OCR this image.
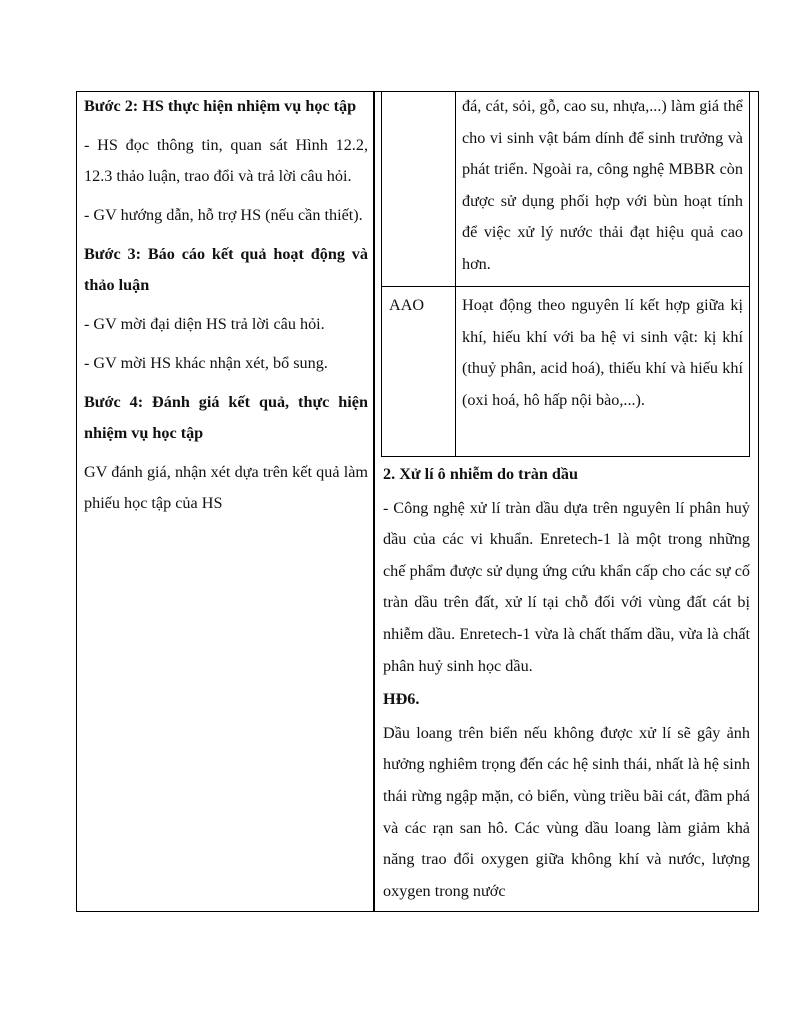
Bước 2: HS thực hiện nhiệm vụ học tập

- HS đọc thông tin, quan sát Hình 12.2, 12.3 thảo luận, trao đổi và trả lời câu hỏi.

- GV hướng dẫn, hỗ trợ HS (nếu cần thiết).

Bước 3: Báo cáo kết quả hoạt động và thảo luận

- GV mời đại diện HS trả lời câu hỏi.

- GV mời HS khác nhận xét, bổ sung.

Bước 4: Đánh giá kết quả, thực hiện nhiệm vụ học tập

GV đánh giá, nhận xét dựa trên kết quả làm phiếu học tập của HS

đá, cát, sỏi, gỗ, cao su, nhựa,...) làm giá thể cho vi sinh vật bám dính để sinh trưởng và phát triển. Ngoài ra, công nghệ MBBR còn được sử dụng phối hợp với bùn hoạt tính để việc xử lý nước thải đạt hiệu quả cao hơn.
AAO	Hoạt động theo nguyên lí kết hợp giữa kị khí, hiếu khí với ba hệ vi sinh vật: kị khí (thuỷ phân, acid hoá), thiếu khí và hiếu khí (oxi hoá, hô hấp nội bào,...).

2. Xử lí ô nhiễm do tràn dầu

- Công nghệ xử lí tràn dầu dựa trên nguyên lí phân huỷ dầu của các vi khuẩn. Enretech-1 là một trong những chế phẩm được sử dụng ứng cứu khẩn cấp cho các sự cố tràn dầu trên đất, xử lí tại chỗ đối với vùng đất cát bị nhiễm dầu. Enretech-1 vừa là chất thấm dầu, vừa là chất phân huỷ sinh học dầu.

HĐ6.

Dầu loang trên biển nếu không được xử lí sẽ gây ảnh hưởng nghiêm trọng đến các hệ sinh thái, nhất là hệ sinh thái rừng ngập mặn, cỏ biển, vùng triều bãi cát, đầm phá và các rạn san hô. Các vùng dầu loang làm giảm khả năng trao đổi oxygen giữa không khí và nước, lượng oxygen trong nước
